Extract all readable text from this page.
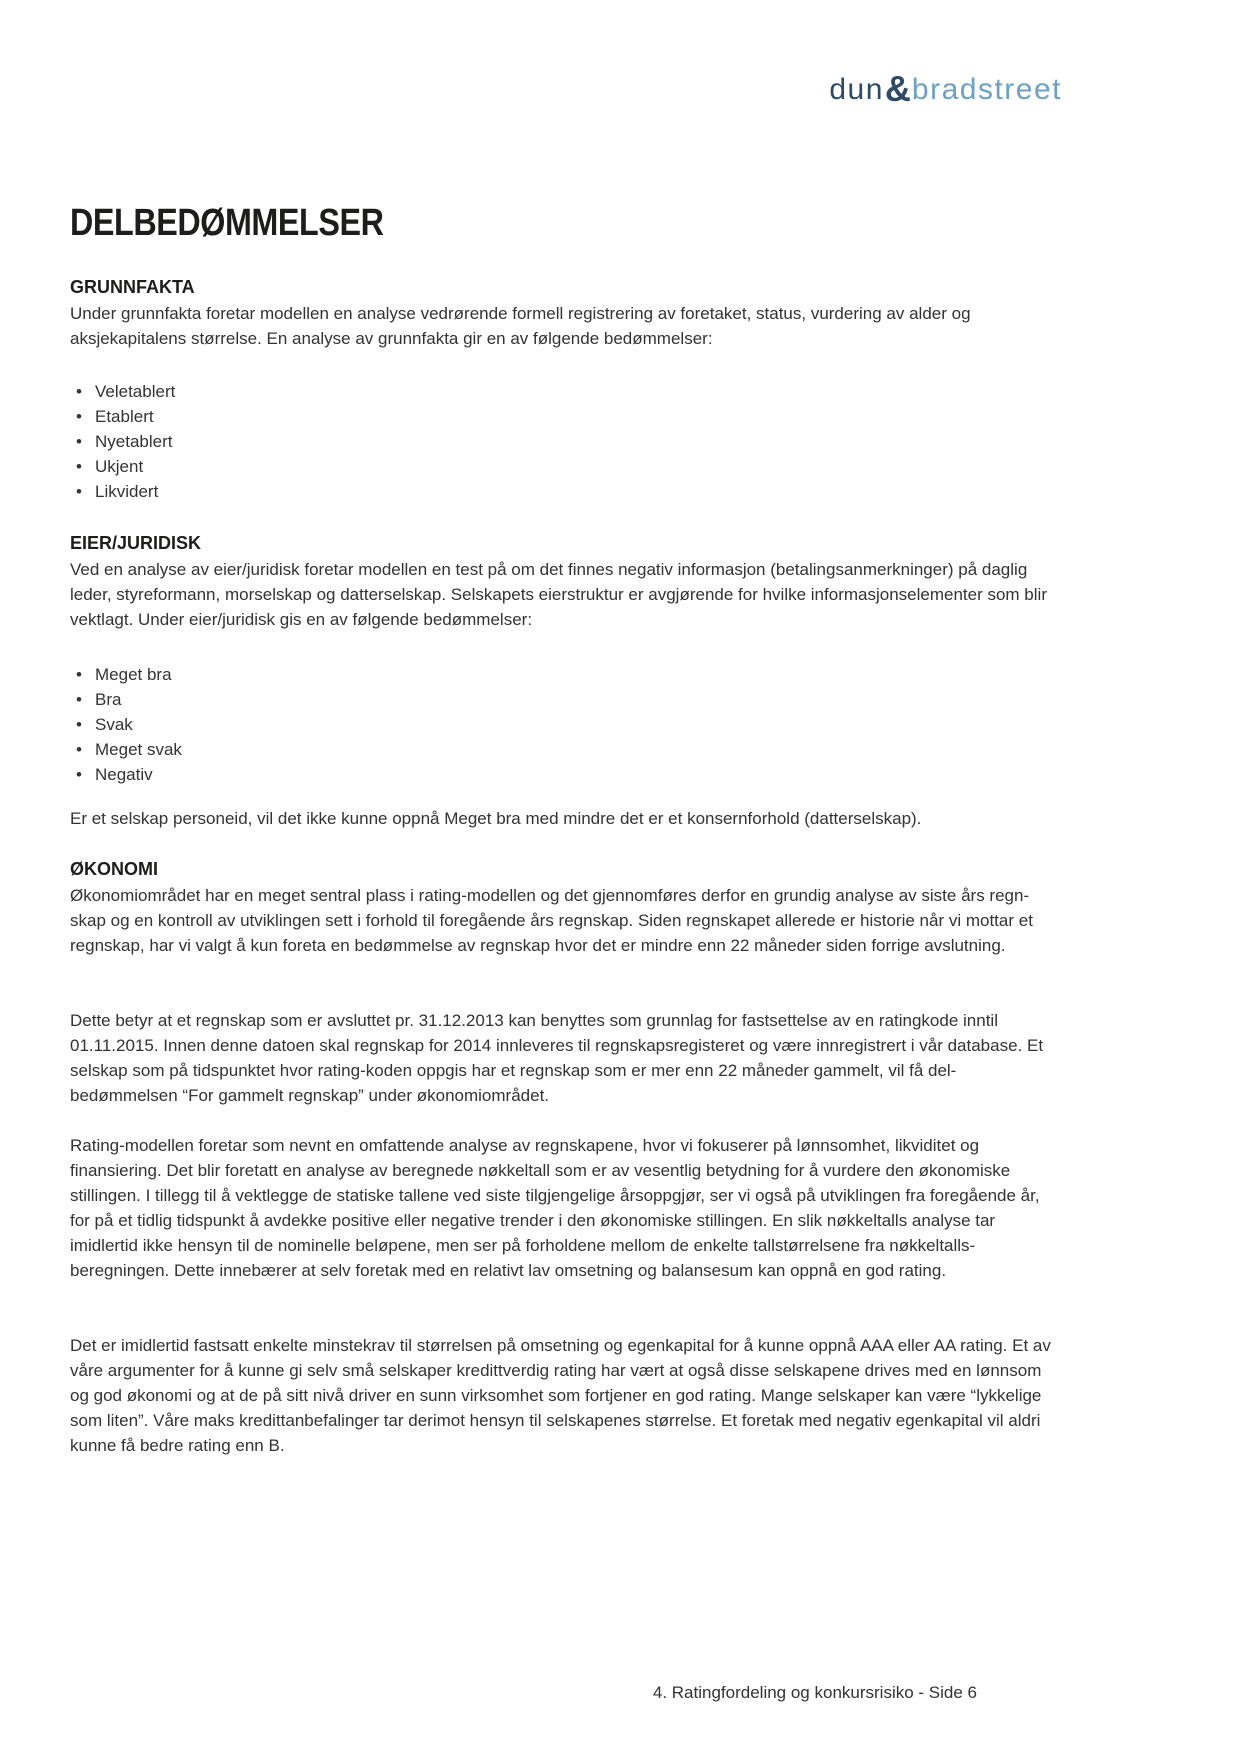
dun&bradstreet
DELBEDØMMELSER
GRUNNFAKTA
Under grunnfakta foretar modellen en analyse vedrørende formell registrering av foretaket, status, vurdering av alder og aksjekapitalens størrelse. En analyse av grunnfakta gir en av følgende bedømmelser:
• Veletablert
• Etablert
• Nyetablert
• Ukjent
• Likvidert
EIER/JURIDISK
Ved en analyse av eier/juridisk foretar modellen en test på om det finnes negativ informasjon (betalingsanmerkninger) på daglig leder, styreformann, morselskap og datterselskap. Selskapets eierstruktur er avgjørende for hvilke informasjonselementer som blir vektlagt. Under eier/juridisk gis en av følgende bedømmelser:
• Meget bra
• Bra
• Svak
• Meget svak
• Negativ
Er et selskap personeid, vil det ikke kunne oppnå Meget bra med mindre det er et konsernforhold (datterselskap).
ØKONOMI
Økonomiområdet har en meget sentral plass i rating-modellen og det gjennomføres derfor en grundig analyse av siste års regn- skap og en kontroll av utviklingen sett i forhold til foregående års regnskap. Siden regnskapet allerede er historie når vi mottar et regnskap, har vi valgt å kun foreta en bedømmelse av regnskap hvor det er mindre enn 22 måneder siden forrige avslutning.
Dette betyr at et regnskap som er avsluttet pr. 31.12.2013 kan benyttes som grunnlag for fastsettelse av en ratingkode inntil 01.11.2015. Innen denne datoen skal regnskap for 2014 innleveres til regnskapsregisteret og være innregistrert i vår database. Et selskap som på tidspunktet hvor rating-koden oppgis har et regnskap som er mer enn 22 måneder gammelt, vil få del- bedømmelsen “For gammelt regnskap” under økonomiområdet.
Rating-modellen foretar som nevnt en omfattende analyse av regnskapene, hvor vi fokuserer på lønnsomhet, likviditet og finansiering. Det blir foretatt en analyse av beregnede nøkkeltall som er av vesentlig betydning for å vurdere den økonomiske stillingen. I tillegg til å vektlegge de statiske tallene ved siste tilgjengelige årsoppgjør, ser vi også på utviklingen fra foregående år, for på et tidlig tidspunkt å avdekke positive eller negative trender i den økonomiske stillingen. En slik nøkkeltalls analyse tar imidlertid ikke hensyn til de nominelle beløpene, men ser på forholdene mellom de enkelte tallstørrelsene fra nøkkeltalls- beregningen. Dette innebærer at selv foretak med en relativt lav omsetning og balansesum kan oppnå en god rating.
Det er imidlertid fastsatt enkelte minstekrav til størrelsen på omsetning og egenkapital for å kunne oppnå AAA eller AA rating. Et av våre argumenter for å kunne gi selv små selskaper kredittverdig rating har vært at også disse selskapene drives med en lønnsom og god økonomi og at de på sitt nivå driver en sunn virksomhet som fortjener en god rating. Mange selskaper kan være “lykkelige som liten”. Våre maks kredittanbefalinger tar derimot hensyn til selskapenes størrelse. Et foretak med negativ egenkapital vil aldri kunne få bedre rating enn B.
4. Ratingfordeling og konkursrisiko - Side 6
